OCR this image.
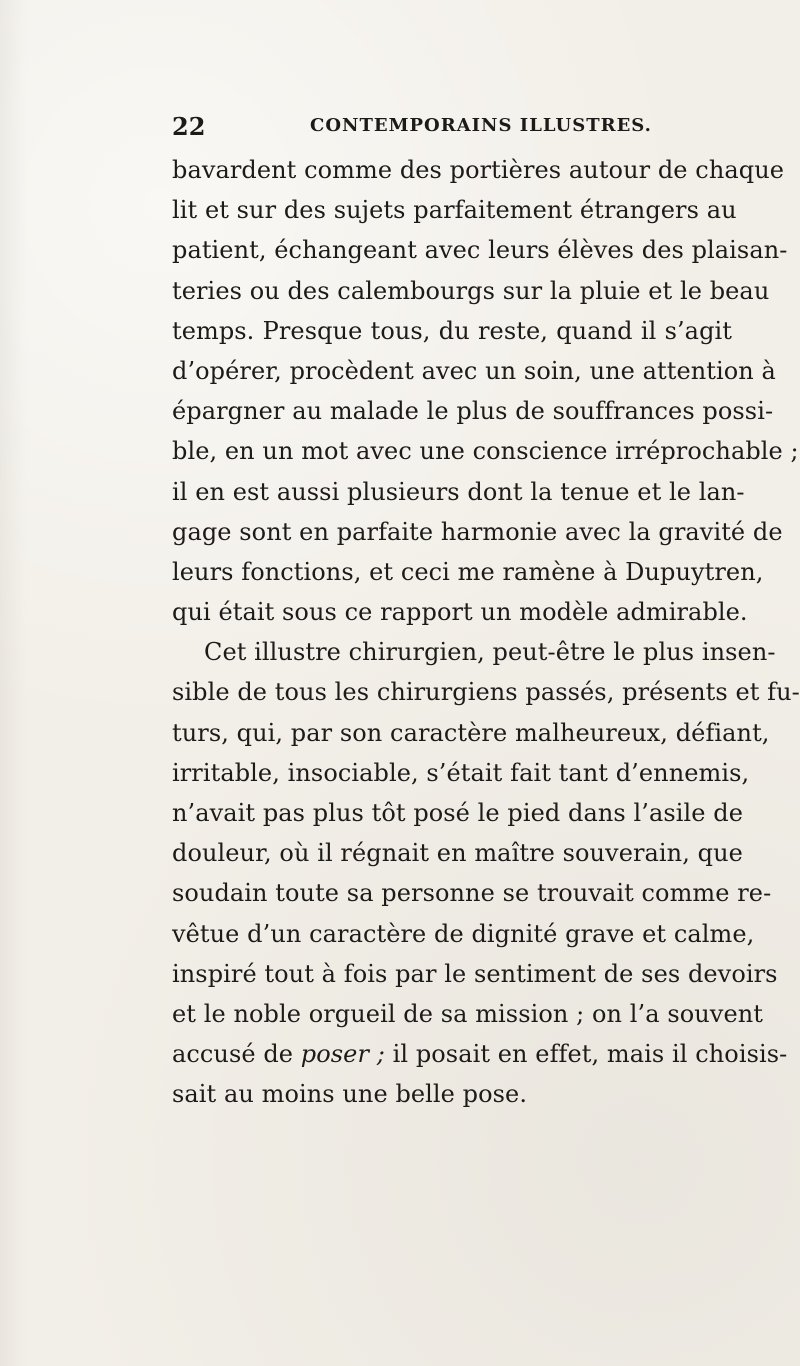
22	CONTEMPORAINS ILLUSTRES.
bavardent comme des portières autour de chaque
lit et sur des sujets parfaitement étrangers au
patient, échangeant avec leurs élèves des plaisan-
teries ou des calembourgs sur la pluie et le beau
temps. Presque tous, du reste, quand il s’agit
d’opérer, procèdent avec un soin, une attention à
épargner au malade le plus de souffrances possi-
ble, en un mot avec une conscience irréprochable ;
il en est aussi plusieurs dont la tenue et le lan-
gage sont en parfaite harmonie avec la gravité de
leurs fonctions, et ceci me ramène à Dupuytren,
qui était sous ce rapport un modèle admirable.
Cet illustre chirurgien, peut-être le plus insen-
sible de tous les chirurgiens passés, présents et fu-
turs, qui, par son caractère malheureux, défiant,
irritable, insociable, s’était fait tant d’ennemis,
n’avait pas plus tôt posé le pied dans l’asile de
douleur, où il régnait en maître souverain, que
soudain toute sa personne se trouvait comme re-
vêtue d’un caractère de dignité grave et calme,
inspiré tout à fois par le sentiment de ses devoirs
et le noble orgueil de sa mission ; on l’a souvent
accusé de poser ; il posait en effet, mais il choisis-
sait au moins une belle pose.
